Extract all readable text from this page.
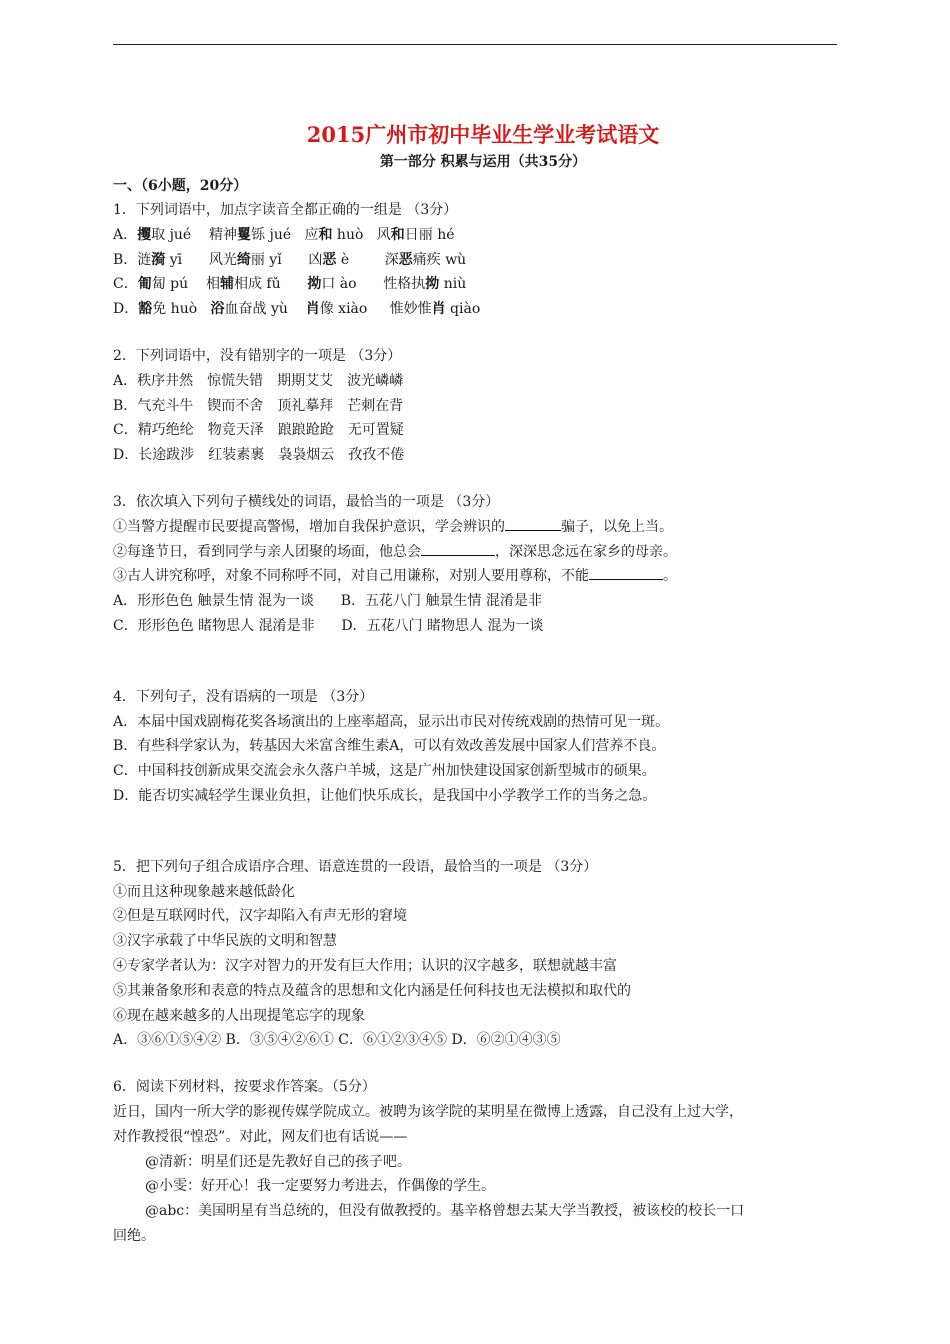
2015广州市初中毕业生学业考试语文

第一部分 积累与运用（共35分）

一、（6小题，20分）

1．下列词语中，加点字读音全都正确的一组是 （3分）
A．攫取 jué 精神矍铄 jué 应和 huò 风和日丽 hé
B．涟漪 yī 风光绮丽 yǐ 凶恶 è	深恶痛疾 wù
C．匍匐 pú 相辅相成 fǔ 拗口 ào 性格执拗 niù
D．豁免 huò 浴血奋战 yù 肖像 xiào 惟妙惟肖 qiào
2．下列词语中，没有错别字的一项是 （3分）
A．秩序井然　惊慌失错　期期艾艾　波光嶙嶙
B．气充斗牛　锲而不舍　顶礼摹拜　芒刺在背
C．精巧绝纶　物竞天泽　踉踉跄跄　无可置疑
D．长途跋涉　红装素裹　袅袅烟云　孜孜不倦
3．依次填入下列句子横线处的词语，最恰当的一项是 （3分）
①当警方提醒市民要提高警惕，增加自我保护意识，学会辨识的	骗子，以免上当。
②每逢节日，看到同学与亲人团聚的场面，他总会	，深深思念远在家乡的母亲。
③古人讲究称呼，对象不同称呼不同，对自己用谦称，对别人要用尊称，不能	。
A．形形色色 触景生情 混为一谈 B．五花八门 触景生情 混淆是非
C．形形色色 睹物思人 混淆是非 D．五花八门 睹物思人 混为一谈
4．下列句子，没有语病的一项是 （3分）
A．本届中国戏剧梅花奖各场演出的上座率超高，显示出市民对传统戏剧的热情可见一斑。
B．有些科学家认为，转基因大米富含维生素A，可以有效改善发展中国家人们营养不良。
C．中国科技创新成果交流会永久落户羊城，这是广州加快建设国家创新型城市的硕果。
D．能否切实减轻学生课业负担，让他们快乐成长，是我国中小学教学工作的当务之急。
5．把下列句子组合成语序合理、语意连贯的一段语，最恰当的一项是 （3分）
①而且这种现象越来越低龄化
②但是互联网时代，汉字却陷入有声无形的窘境
③汉字承载了中华民族的文明和智慧
④专家学者认为：汉字对智力的开发有巨大作用；认识的汉字越多，联想就越丰富
⑤其兼备象形和表意的特点及蕴含的思想和文化内涵是任何科技也无法模拟和取代的
⑥现在越来越多的人出现提笔忘字的现象
A．③⑥①⑤④② B．③⑤④②⑥① C．⑥①②③④⑤ D．⑥②①④③⑤
6．阅读下列材料，按要求作答案。（5分）
近日，国内一所大学的影视传媒学院成立。被聘为该学院的某明星在微博上透露，自己没有上过大学，
对作教授很“惶恐”。对此，网友们也有话说——
@清新：明星们还是先教好自己的孩子吧。
@小雯：好开心！我一定要努力考进去，作偶像的学生。
@abc：美国明星有当总统的，但没有做教授的。基辛格曾想去某大学当教授，被该校的校长一口
回绝。
